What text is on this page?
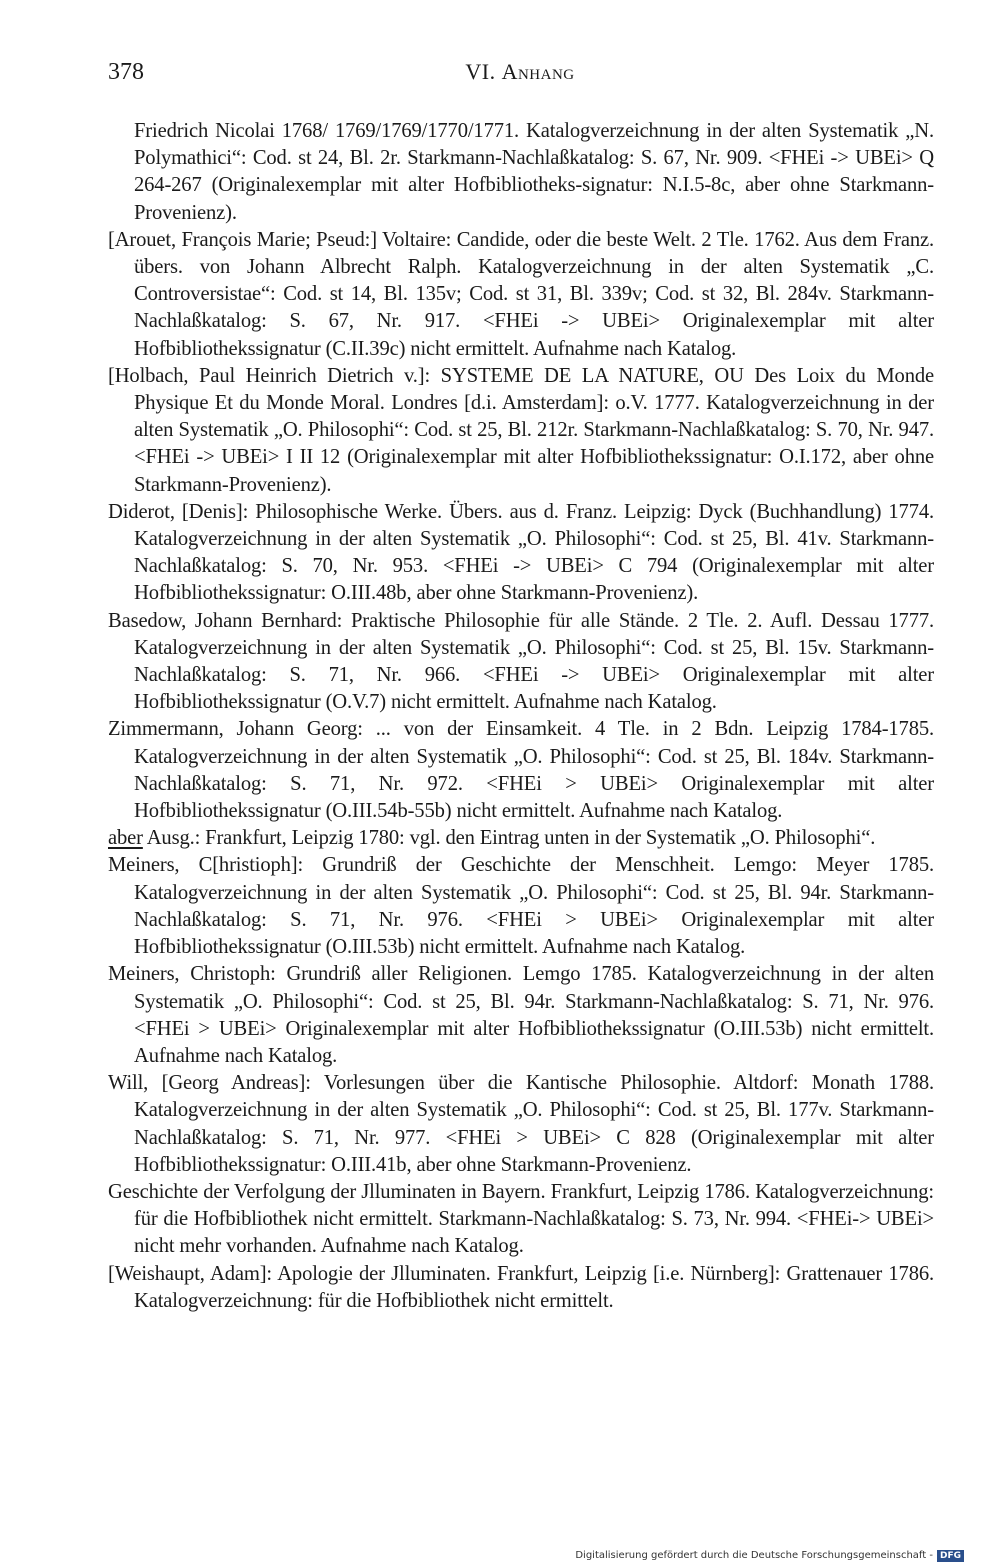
378	VI. Anhang

Friedrich Nicolai 1768/ 1769/1769/1770/1771. Katalogverzeichnung in der alten Systematik „N. Polymathici“: Cod. st 24, Bl. 2r. Starkmann-Nachlaßkatalog: S. 67, Nr. 909. <FHEi -> UBEi> Q 264-267 (Originalexemplar mit alter Hofbibliotheks-signatur: N.I.5-8c, aber ohne Starkmann-Provenienz).

[Arouet, François Marie; Pseud:] Voltaire: Candide, oder die beste Welt. 2 Tle. 1762. Aus dem Franz. übers. von Johann Albrecht Ralph. Katalogverzeichnung in der alten Systematik „C. Controversistae“: Cod. st 14, Bl. 135v; Cod. st 31, Bl. 339v; Cod. st 32, Bl. 284v. Starkmann-Nachlaßkatalog: S. 67, Nr. 917. <FHEi -> UBEi> Originalexemplar mit alter Hofbibliothekssignatur (C.II.39c) nicht ermittelt. Aufnahme nach Katalog.

[Holbach, Paul Heinrich Dietrich v.]: SYSTEME DE LA NATURE, OU Des Loix du Monde Physique Et du Monde Moral. Londres [d.i. Amsterdam]: o.V. 1777. Katalogverzeichnung in der alten Systematik „O. Philosophi“: Cod. st 25, Bl. 212r. Starkmann-Nachlaßkatalog: S. 70, Nr. 947. <FHEi -> UBEi> I II 12 (Originalexemplar mit alter Hofbibliothekssignatur: O.I.172, aber ohne Starkmann-Provenienz).

Diderot, [Denis]: Philosophische Werke. Übers. aus d. Franz. Leipzig: Dyck (Buchhandlung) 1774. Katalogverzeichnung in der alten Systematik „O. Philosophi“: Cod. st 25, Bl. 41v. Starkmann-Nachlaßkatalog: S. 70, Nr. 953. <FHEi -> UBEi> C 794 (Originalexemplar mit alter Hofbibliothekssignatur: O.III.48b, aber ohne Starkmann-Provenienz).

Basedow, Johann Bernhard: Praktische Philosophie für alle Stände. 2 Tle. 2. Aufl. Dessau 1777. Katalogverzeichnung in der alten Systematik „O. Philosophi“: Cod. st 25, Bl. 15v. Starkmann-Nachlaßkatalog: S. 71, Nr. 966. <FHEi -> UBEi> Originalexemplar mit alter Hofbibliothekssignatur (O.V.7) nicht ermittelt. Aufnahme nach Katalog.

Zimmermann, Johann Georg: ... von der Einsamkeit. 4 Tle. in 2 Bdn. Leipzig 1784-1785. Katalogverzeichnung in der alten Systematik „O. Philosophi“: Cod. st 25, Bl. 184v. Starkmann-Nachlaßkatalog: S. 71, Nr. 972. <FHEi > UBEi> Originalexemplar mit alter Hofbibliothekssignatur (O.III.54b-55b) nicht ermittelt. Aufnahme nach Katalog.

aber Ausg.: Frankfurt, Leipzig 1780: vgl. den Eintrag unten in der Systematik „O. Philosophi“.

Meiners, C[hristioph]: Grundriß der Geschichte der Menschheit. Lemgo: Meyer 1785. Katalogverzeichnung in der alten Systematik „O. Philosophi“: Cod. st 25, Bl. 94r. Starkmann-Nachlaßkatalog: S. 71, Nr. 976. <FHEi > UBEi> Originalexemplar mit alter Hofbibliothekssignatur (O.III.53b) nicht ermittelt. Aufnahme nach Katalog.

Meiners, Christoph: Grundriß aller Religionen. Lemgo 1785. Katalogverzeichnung in der alten Systematik „O. Philosophi“: Cod. st 25, Bl. 94r. Starkmann-Nachlaßkatalog: S. 71, Nr. 976. <FHEi > UBEi> Originalexemplar mit alter Hofbibliothekssignatur (O.III.53b) nicht ermittelt. Aufnahme nach Katalog.

Will, [Georg Andreas]: Vorlesungen über die Kantische Philosophie. Altdorf: Monath 1788. Katalogverzeichnung in der alten Systematik „O. Philosophi“: Cod. st 25, Bl. 177v. Starkmann-Nachlaßkatalog: S. 71, Nr. 977. <FHEi > UBEi> C 828 (Originalexemplar mit alter Hofbibliothekssignatur: O.III.41b, aber ohne Starkmann-Provenienz.

Geschichte der Verfolgung der Jlluminaten in Bayern. Frankfurt, Leipzig 1786. Katalogverzeichnung: für die Hofbibliothek nicht ermittelt. Starkmann-Nachlaßkatalog: S. 73, Nr. 994. <FHEi-> UBEi> nicht mehr vorhanden. Aufnahme nach Katalog.

[Weishaupt, Adam]: Apologie der Jlluminaten. Frankfurt, Leipzig [i.e. Nürnberg]: Grattenauer 1786. Katalogverzeichnung: für die Hofbibliothek nicht ermittelt.

Digitalisierung gefördert durch die Deutsche Forschungsgemeinschaft - DFG
